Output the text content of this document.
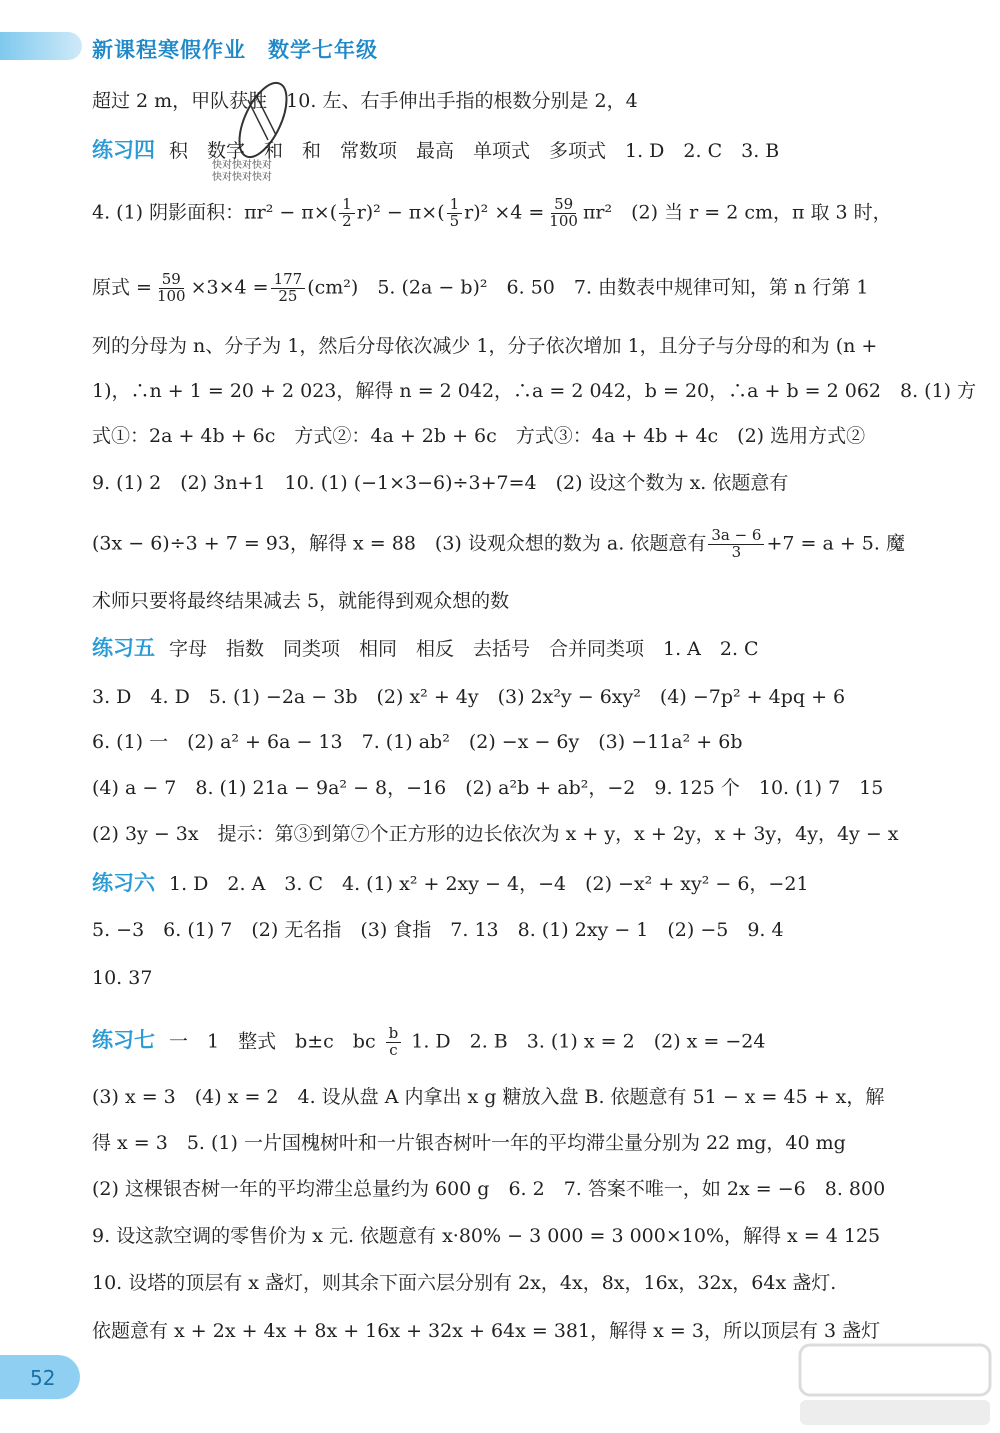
新课程寒假作业　数学七年级
快对快对快对
快对快对快对
超过 2 m，甲队获胜　10. 左、右手伸出手指的根数分别是 2，4
练习四 积　数字　和　和　常数项　最高　单项式　多项式　1. D　2. C　3. B
4. (1) 阴影面积：$\pi r^2 - \pi\times( \frac{1}{2} r)^2 - \pi\times( \frac{1}{5} r)^2 \times 4 = \frac{59}{100} \pi r^2$　(2) 当 r = 2 cm，π 取 3 时，
原式 = $\frac{59}{100} \times 3\times 4 = \frac{177}{25} (cm^2)$　5. (2a − b)²　6. 50　7. 由数表中规律可知，第 n 行第 1
列的分母为 n、分子为 1，然后分母依次减少 1，分子依次增加 1，且分子与分母的和为 (n +
1)，∴n + 1 = 20 + 2 023，解得 n = 2 042，∴a = 2 042，b = 20，∴a + b = 2 062　8. (1) 方
式①：2a + 4b + 6c　方式②：4a + 2b + 6c　方式③：4a + 4b + 4c　(2) 选用方式②
9. (1) 2　(2) 3n+1　10. (1) (−1×3−6)÷3+7=4　(2) 设这个数为 x. 依题意有
(3x − 6)÷3 + 7 = 93，解得 x = 88　(3) 设观众想的数为 a. 依题意有 $\frac{3a - 6}{3} +7 = a + 5$. 魔
术师只要将最终结果减去 5，就能得到观众想的数
练习五 字母　指数　同类项　相同　相反　去括号　合并同类项　1. A　2. C
3. D　4. D　5. (1) −2a − 3b　(2) x² + 4y　(3) 2x²y − 6xy²　(4) −7p² + 4pq + 6
6. (1) 一　(2) a² + 6a − 13　7. (1) ab²　(2) −x − 6y　(3) −11a² + 6b
(4) a − 7　8. (1) 21a − 9a² − 8，−16　(2) a²b + ab²，−2　9. 125 个　10. (1) 7　15
(2) 3y − 3x　提示：第③到第⑦个正方形的边长依次为 x + y，x + 2y，x + 3y，4y，4y − x
练习六 1. D　2. A　3. C　4. (1) x² + 2xy − 4，−4　(2) −x² + xy² − 6，−21
5. −3　6. (1) 7　(2) 无名指　(3) 食指　7. 13　8. (1) 2xy − 1　(2) −5　9. 4
10. 37
练习七 一　1　整式　b±c　bc $\frac{b}{c} 1$. D　2. B　3. (1) x = 2　(2) x = −24
(3) x = 3　(4) x = 2　4. 设从盘 A 内拿出 x g 糖放入盘 B. 依题意有 51 − x = 45 + x，解
得 x = 3　5. (1) 一片国槐树叶和一片银杏树叶一年的平均滞尘量分别为 22 mg，40 mg
(2) 这棵银杏树一年的平均滞尘总量约为 600 g　6. 2　7. 答案不唯一，如 2x = −6　8. 800
9. 设这款空调的零售价为 x 元. 依题意有 x·80% − 3 000 = 3 000×10%，解得 x = 4 125
10. 设塔的顶层有 x 盏灯，则其余下面六层分别有 2x，4x，8x，16x，32x，64x 盏灯.
依题意有 x + 2x + 4x + 8x + 16x + 32x + 64x = 381，解得 x = 3，所以顶层有 3 盏灯
52
